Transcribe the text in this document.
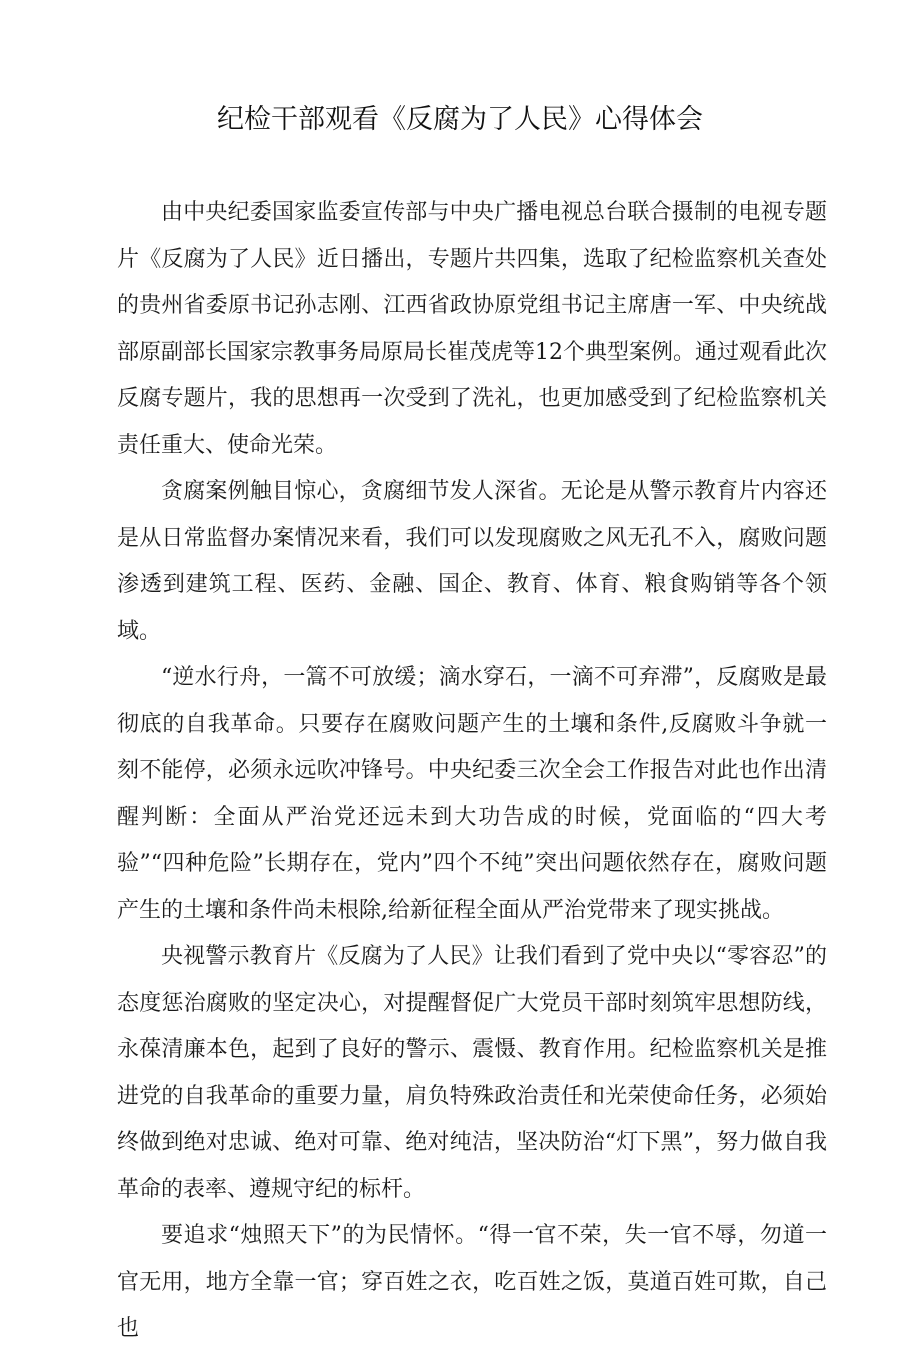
纪检干部观看《反腐为了人民》心得体会

由中央纪委国家监委宣传部与中央广播电视总台联合摄制的电视专题片《反腐为了人民》近日播出，专题片共四集，选取了纪检监察机关查处的贵州省委原书记孙志刚、江西省政协原党组书记主席唐一军、中央统战部原副部长国家宗教事务局原局长崔茂虎等12个典型案例。通过观看此次反腐专题片，我的思想再一次受到了洗礼，也更加感受到了纪检监察机关责任重大、使命光荣。

贪腐案例触目惊心，贪腐细节发人深省。无论是从警示教育片内容还是从日常监督办案情况来看，我们可以发现腐败之风无孔不入，腐败问题渗透到建筑工程、医药、金融、国企、教育、体育、粮食购销等各个领域。

“逆水行舟，一篙不可放缓；滴水穿石，一滴不可弃滞”，反腐败是最彻底的自我革命。只要存在腐败问题产生的土壤和条件,反腐败斗争就一刻不能停，必须永远吹冲锋号。中央纪委三次全会工作报告对此也作出清醒判断：全面从严治党还远未到大功告成的时候，党面临的“四大考验”“四种危险”长期存在，党内”四个不纯”突出问题依然存在，腐败问题产生的土壤和条件尚未根除,给新征程全面从严治党带来了现实挑战。

央视警示教育片《反腐为了人民》让我们看到了党中央以“零容忍”的态度惩治腐败的坚定决心，对提醒督促广大党员干部时刻筑牢思想防线，永葆清廉本色，起到了良好的警示、震慑、教育作用。纪检监察机关是推进党的自我革命的重要力量，肩负特殊政治责任和光荣使命任务，必须始终做到绝对忠诚、绝对可靠、绝对纯洁，坚决防治“灯下黑”，努力做自我革命的表率、遵规守纪的标杆。

要追求“烛照天下”的为民情怀。“得一官不荣，失一官不辱，勿道一官无用，地方全靠一官；穿百姓之衣，吃百姓之饭，莫道百姓可欺，自己也
